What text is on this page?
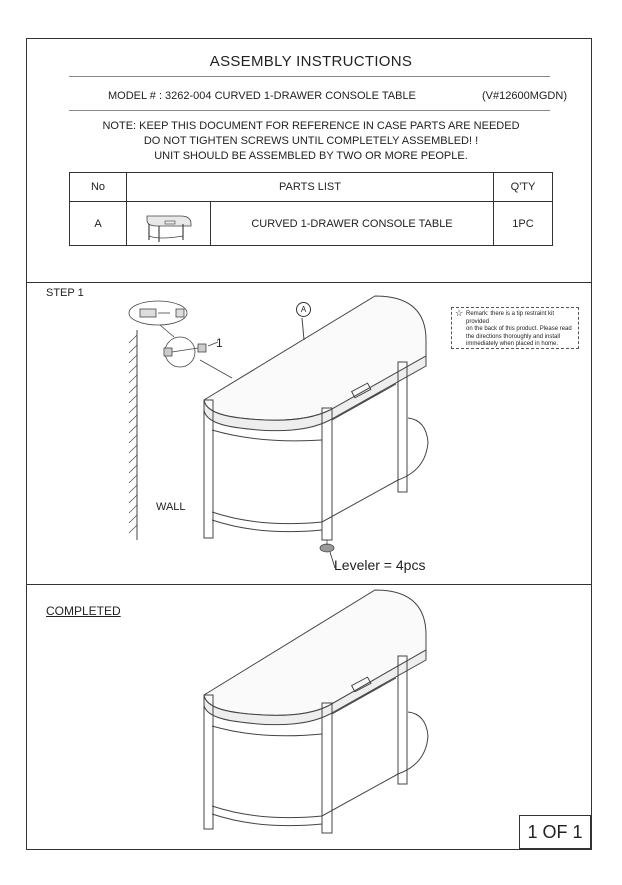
ASSEMBLY INSTRUCTIONS
MODEL # : 3262-004 CURVED 1-DRAWER CONSOLE TABLE	(V#12600MGDN)
NOTE: KEEP THIS DOCUMENT FOR REFERENCE IN CASE PARTS ARE NEEDED
DO NOT TIGHTEN SCREWS UNTIL COMPLETELY ASSEMBLED! !
UNIT SHOULD BE ASSEMBLED BY TWO OR MORE PEOPLE.
No	PARTS LIST		Q'TY
A		CURVED 1-DRAWER CONSOLE TABLE	1PC
STEP 1
☆ Remark: there is a tip restraint kit provided
on the back of this product. Please read
the directions thoroughly and install
immediately when placed in home.
A
1
WALL
Leveler = 4pcs
COMPLETED
1 OF 1
